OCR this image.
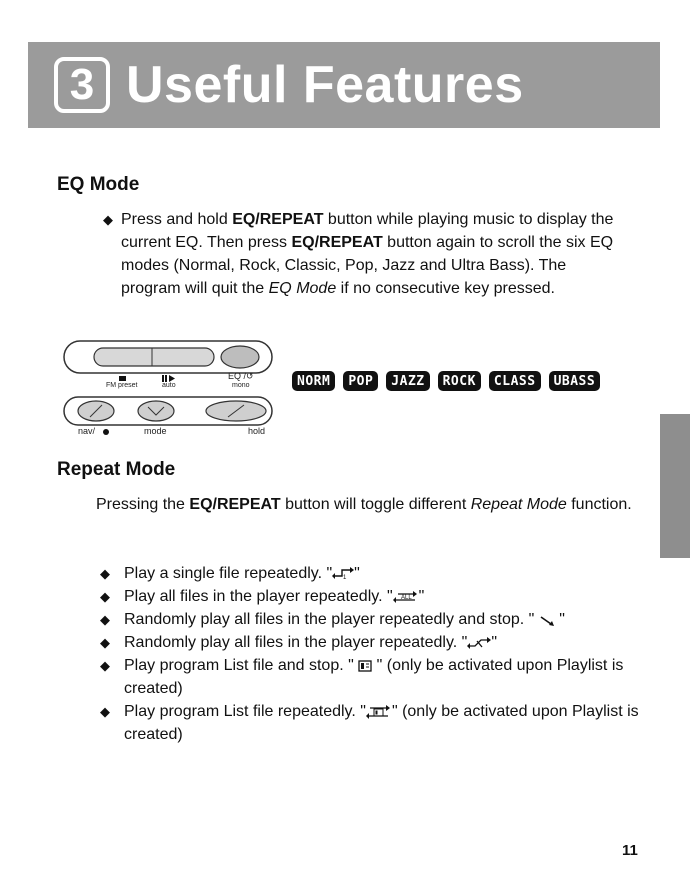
3 Useful Features
EQ Mode
◆ Press and hold EQ/REPEAT button while playing music to display the current EQ. Then press EQ/REPEAT button again to scroll the six EQ modes (Normal, Rock, Classic, Pop, Jazz and Ultra Bass). The program will quit the EQ Mode if no consecutive key pressed.
FM preset	auto
EQ /↺
mono
nav/	mode	hold
NORM	POP	JAZZ	ROCK	CLASS	UBASS
Repeat Mode
Pressing the EQ/REPEAT button will toggle different Repeat Mode function.
◆ Play a single file repeatedly. " 1 "
◆ Play all files in the player repeatedly. " ALL "
◆ Randomly play all files in the player repeatedly and stop. "  "
◆ Randomly play all files in the player repeatedly. " "
◆ Play program List file and stop. "  " (only be activated upon Playlist is created)
◆ Play program List file repeatedly. " " (only be activated upon Playlist is created)
11
